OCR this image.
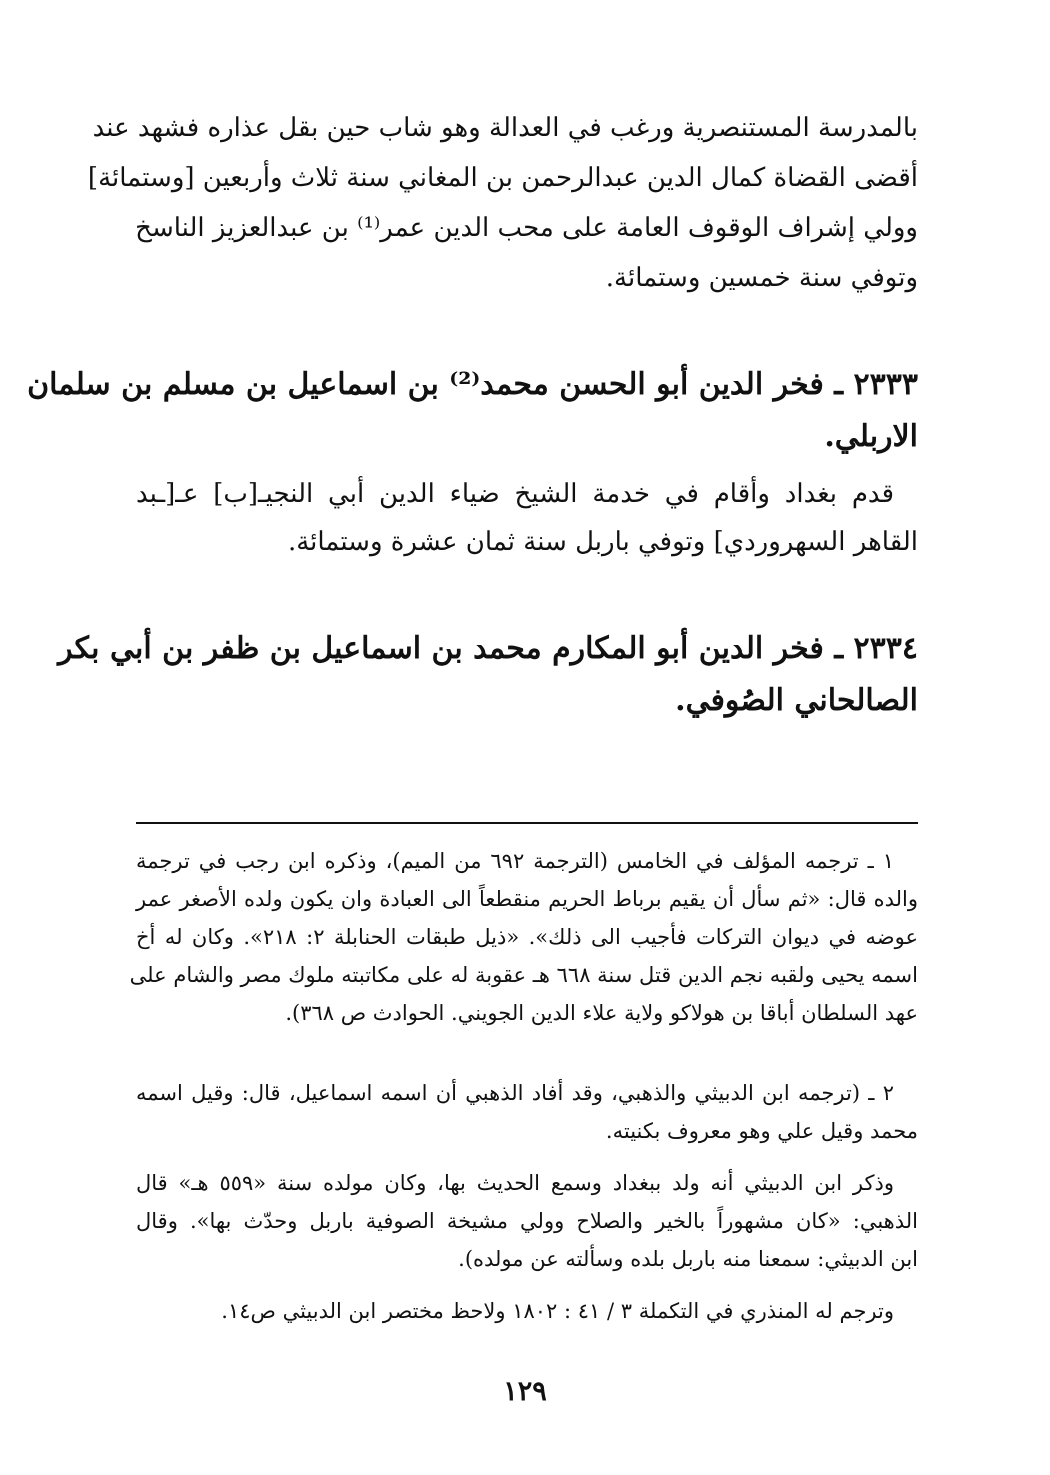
بالمدرسة المستنصرية ورغب في العدالة وهو شاب حين بقل عذاره فشهد عند
أقضى القضاة كمال الدين عبدالرحمن بن المغاني سنة ثلاث وأربعين [وستمائة]
وولي إشراف الوقوف العامة على محب الدين عمر⁽¹⁾ بن عبدالعزيز الناسخ
وتوفي سنة خمسين وستمائة.
٢٣٣٣ ـ فخر الدين أبو الحسن محمد⁽²⁾ بن اسماعيل بن مسلم بن سلمان
الاربلي.
قدم بغداد وأقام في خدمة الشيخ ضياء الدين أبي النجيـ[ب] عـ[ـبد
القاهر السهروردي] وتوفي باربل سنة ثمان عشرة وستمائة.
٢٣٣٤ ـ فخر الدين أبو المكارم محمد بن اسماعيل بن ظفر بن أبي بكر
الصالحاني الصُوفي.
١ ـ ترجمه المؤلف في الخامس (الترجمة ٦٩٢ من الميم)، وذكره ابن رجب في ترجمة
والده قال: «ثم سأل أن يقيم برباط الحريم منقطعاً الى العبادة وان يكون ولده الأصغر عمر
عوضه في ديوان التركات فأجيب الى ذلك». «ذيل طبقات الحنابلة ٢: ٢١٨». وكان له أخ
اسمه يحيى ولقبه نجم الدين قتل سنة ٦٦٨ هـ عقوبة له على مكاتبته ملوك مصر والشام على
عهد السلطان أباقا بن هولاكو ولاية علاء الدين الجويني. الحوادث ص ٣٦٨).
٢ ـ (ترجمه ابن الدبيثي والذهبي، وقد أفاد الذهبي أن اسمه اسماعيل، قال: وقيل اسمه
محمد وقيل علي وهو معروف بكنيته.
وذكر ابن الدبيثي أنه ولد ببغداد وسمع الحديث بها، وكان مولده سنة «٥٥٩ هـ» قال
الذهبي: «كان مشهوراً بالخير والصلاح وولي مشيخة الصوفية باربل وحدّث بها». وقال
ابن الدبيثي: سمعنا منه باربل بلده وسألته عن مولده).
وترجم له المنذري في التكملة ٣ / ٤١ : ١٨٠٢ ولاحظ مختصر ابن الدبيثي ص١٤.
١٢٩
